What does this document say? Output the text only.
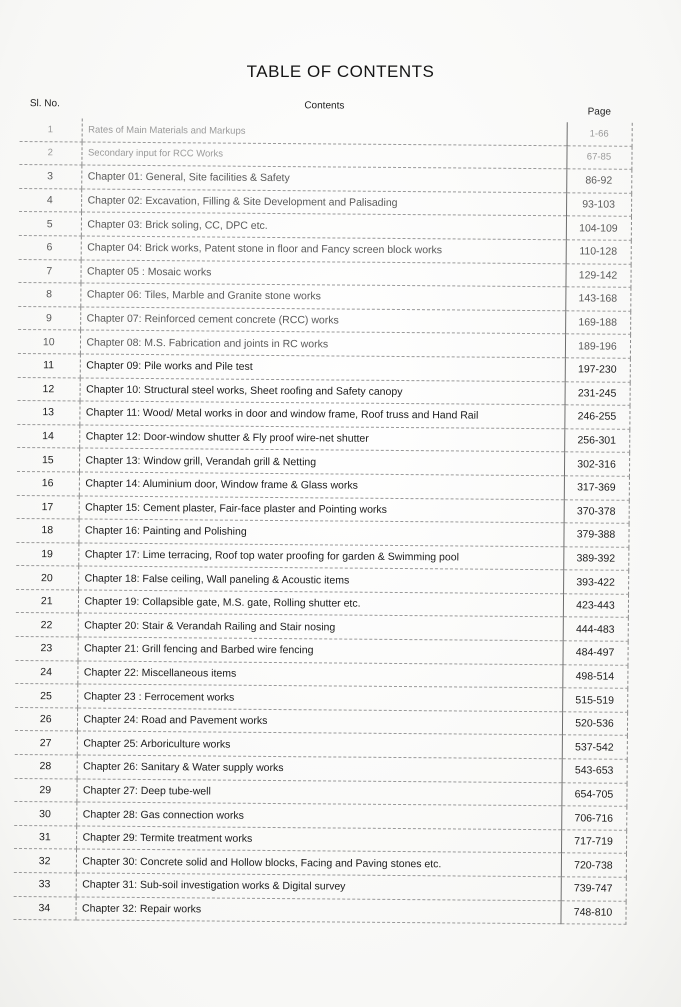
TABLE OF CONTENTS
Sl. No.	Contents	Page
1	Rates of Main Materials and Markups	1-66
2	Secondary input for RCC Works	67-85
3	Chapter 01: General, Site facilities & Safety	86-92
4	Chapter 02: Excavation, Filling & Site Development and Palisading	93-103
5	Chapter 03: Brick soling, CC, DPC etc.	104-109
6	Chapter 04: Brick works, Patent stone in floor and Fancy screen block works	110-128
7	Chapter 05 : Mosaic works	129-142
8	Chapter 06: Tiles, Marble and Granite stone works	143-168
9	Chapter 07: Reinforced cement concrete (RCC) works	169-188
10	Chapter 08: M.S. Fabrication and joints in RC works	189-196
11	Chapter 09: Pile works and Pile test	197-230
12	Chapter 10: Structural steel works, Sheet roofing and Safety canopy	231-245
13	Chapter 11: Wood/ Metal works in door and window frame, Roof truss and Hand Rail	246-255
14	Chapter 12: Door-window shutter & Fly proof wire-net shutter	256-301
15	Chapter 13: Window grill, Verandah grill & Netting	302-316
16	Chapter 14: Aluminium door, Window frame & Glass works	317-369
17	Chapter 15: Cement plaster, Fair-face plaster and Pointing works	370-378
18	Chapter 16: Painting and Polishing	379-388
19	Chapter 17: Lime terracing, Roof top water proofing for garden & Swimming pool	389-392
20	Chapter 18: False ceiling, Wall paneling & Acoustic items	393-422
21	Chapter 19: Collapsible gate, M.S. gate, Rolling shutter etc.	423-443
22	Chapter 20: Stair & Verandah Railing and Stair nosing	444-483
23	Chapter 21: Grill fencing and Barbed wire fencing	484-497
24	Chapter 22: Miscellaneous items	498-514
25	Chapter 23 : Ferrocement works	515-519
26	Chapter 24: Road and Pavement works	520-536
27	Chapter 25: Arboriculture works	537-542
28	Chapter 26: Sanitary & Water supply works	543-653
29	Chapter 27: Deep tube-well	654-705
30	Chapter 28: Gas connection works	706-716
31	Chapter 29: Termite treatment works	717-719
32	Chapter 30: Concrete solid and Hollow blocks, Facing and Paving stones etc.	720-738
33	Chapter 31: Sub-soil investigation works & Digital survey	739-747
34	Chapter 32: Repair works	748-810
